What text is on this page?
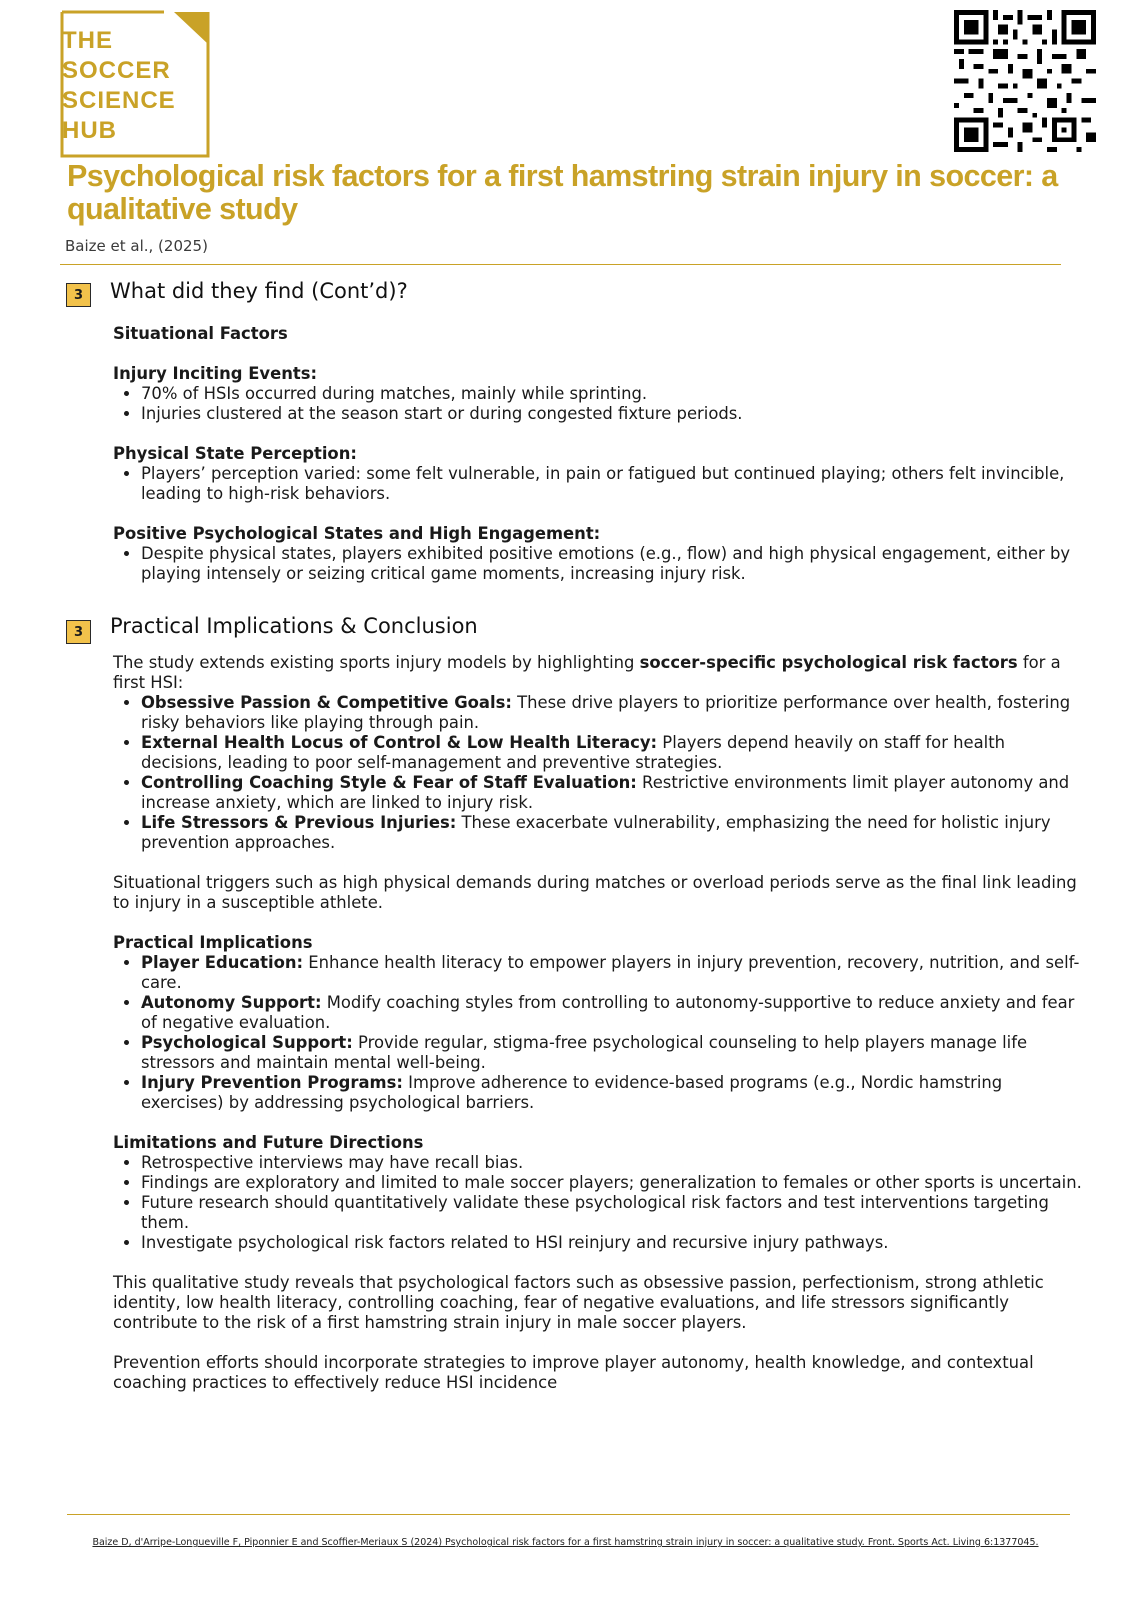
THE
SOCCER
SCIENCE
HUB
Psychological risk factors for a first hamstring strain injury in soccer: a qualitative study
Baize et al., (2025)
3	What did they find (Cont’d)?

Situational Factors

Injury Inciting Events:

• 70% of HSIs occurred during matches, mainly while sprinting.
• Injuries clustered at the season start or during congested fixture periods.

Physical State Perception:

• Players’ perception varied: some felt vulnerable, in pain or fatigued but continued playing; others felt invincible, leading to high-risk behaviors.

Positive Psychological States and High Engagement:

• Despite physical states, players exhibited positive emotions (e.g., flow) and high physical engagement, either by playing intensely or seizing critical game moments, increasing injury risk.
3	Practical Implications & Conclusion

The study extends existing sports injury models by highlighting soccer-specific psychological risk factors for a first HSI:

• Obsessive Passion & Competitive Goals: These drive players to prioritize performance over health, fostering risky behaviors like playing through pain.
• External Health Locus of Control & Low Health Literacy: Players depend heavily on staff for health decisions, leading to poor self-management and preventive strategies.
• Controlling Coaching Style & Fear of Staff Evaluation: Restrictive environments limit player autonomy and increase anxiety, which are linked to injury risk.
• Life Stressors & Previous Injuries: These exacerbate vulnerability, emphasizing the need for holistic injury prevention approaches.

Situational triggers such as high physical demands during matches or overload periods serve as the final link leading to injury in a susceptible athlete.

Practical Implications

• Player Education: Enhance health literacy to empower players in injury prevention, recovery, nutrition, and self-care.
• Autonomy Support: Modify coaching styles from controlling to autonomy-supportive to reduce anxiety and fear of negative evaluation.
• Psychological Support: Provide regular, stigma-free psychological counseling to help players manage life stressors and maintain mental well-being.
• Injury Prevention Programs: Improve adherence to evidence-based programs (e.g., Nordic hamstring exercises) by addressing psychological barriers.

Limitations and Future Directions

• Retrospective interviews may have recall bias.
• Findings are exploratory and limited to male soccer players; generalization to females or other sports is uncertain.
• Future research should quantitatively validate these psychological risk factors and test interventions targeting them.
• Investigate psychological risk factors related to HSI reinjury and recursive injury pathways.

This qualitative study reveals that psychological factors such as obsessive passion, perfectionism, strong athletic identity, low health literacy, controlling coaching, fear of negative evaluations, and life stressors significantly contribute to the risk of a first hamstring strain injury in male soccer players.

Prevention efforts should incorporate strategies to improve player autonomy, health knowledge, and contextual coaching practices to effectively reduce HSI incidence

Baize D, d'Arripe-Longueville F, Piponnier E and Scoffier-Meriaux S (2024) Psychological risk factors for a first hamstring strain injury in soccer: a qualitative study. Front. Sports Act. Living 6:1377045.
